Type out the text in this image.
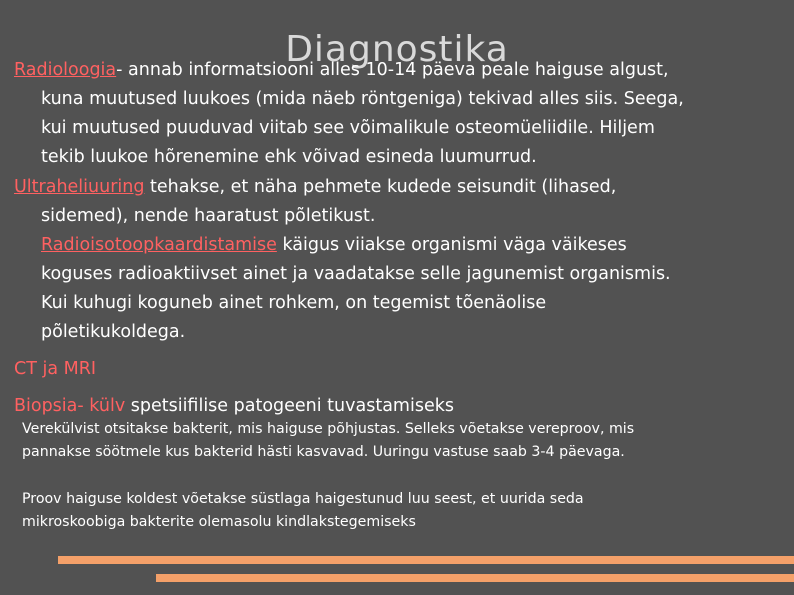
Diagnostika
Radioloogia- annab informatsiooni alles 10-14 päeva peale haiguse algust,
kuna muutused luukoes (mida näeb röntgeniga) tekivad alles siis. Seega,
kui muutused puuduvad viitab see võimalikule osteomüeliidile. Hiljem
tekib luukoe hõrenemine ehk võivad esineda luumurrud.
Ultraheliuuring tehakse, et näha pehmete kudede seisundit (lihased,
sidemed), nende haaratust põletikust.
Radioisotoopkaardistamise käigus viiakse organismi väga väikeses
koguses radioaktiivset ainet ja vaadatakse selle jagunemist organismis.
Kui kuhugi koguneb ainet rohkem, on tegemist tõenäolise
põletikukoldega.
CT ja MRI
Biopsia- külv spetsiifilise patogeeni tuvastamiseks
Verekülvist otsitakse bakterit, mis haiguse põhjustas. Selleks võetakse vereproov, mis
pannakse söötmele kus bakterid hästi kasvavad. Uuringu vastuse saab 3-4 päevaga.
Proov haiguse koldest võetakse süstlaga haigestunud luu seest, et uurida seda
mikroskoobiga bakterite olemasolu kindlakstegemiseks
